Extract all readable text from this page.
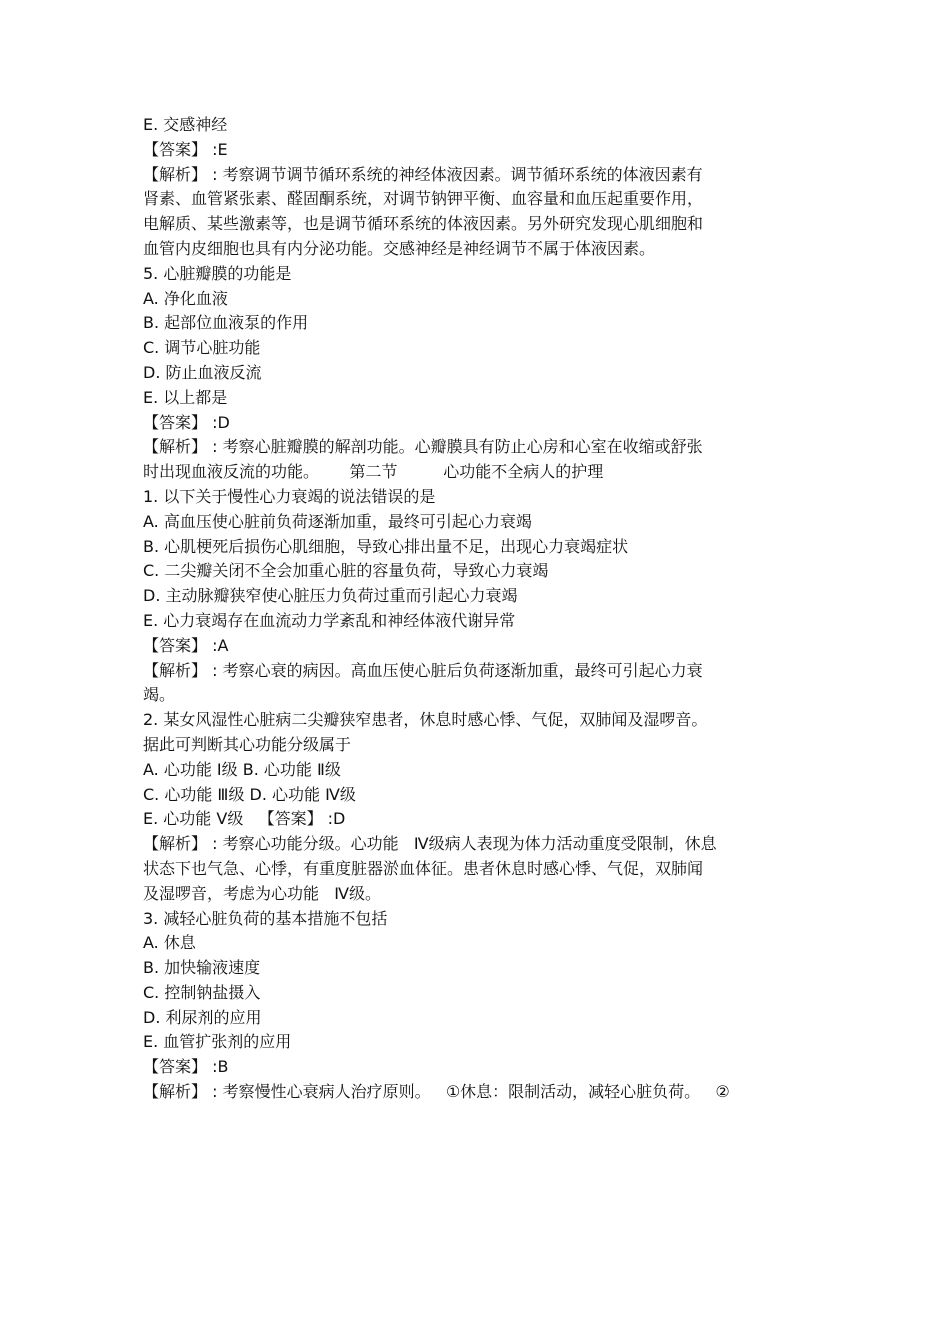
E. 交感神经
【答案】 :E
【解析】 : 考察调节调节循环系统的神经体液因素。调节循环系统的体液因素有
肾素、血管紧张素、醛固酮系统，对调节钠钾平衡、血容量和血压起重要作用，
电解质、某些激素等，也是调节循环系统的体液因素。另外研究发现心肌细胞和
血管内皮细胞也具有内分泌功能。交感神经是神经调节不属于体液因素。
5. 心脏瓣膜的功能是
A. 净化血液
B. 起部位血液泵的作用
C. 调节心脏功能
D. 防止血液反流
E. 以上都是
【答案】 :D
【解析】 : 考察心脏瓣膜的解剖功能。心瓣膜具有防止心房和心室在收缩或舒张
时出现血液反流的功能。      第二节         心功能不全病人的护理
1. 以下关于慢性心力衰竭的说法错误的是
A. 高血压使心脏前负荷逐渐加重，最终可引起心力衰竭
B. 心肌梗死后损伤心肌细胞，导致心排出量不足，出现心力衰竭症状
C. 二尖瓣关闭不全会加重心脏的容量负荷，导致心力衰竭
D. 主动脉瓣狭窄使心脏压力负荷过重而引起心力衰竭
E. 心力衰竭存在血流动力学紊乱和神经体液代谢异常
【答案】 :A
【解析】 : 考察心衰的病因。高血压使心脏后负荷逐渐加重，最终可引起心力衰
竭。
2. 某女风湿性心脏病二尖瓣狭窄患者，休息时感心悸、气促，双肺闻及湿啰音。
据此可判断其心功能分级属于
A. 心功能 Ⅰ级 B. 心功能 Ⅱ级
C. 心功能 Ⅲ级 D. 心功能 Ⅳ级
E. 心功能 Ⅴ级   【答案】 :D
【解析】 : 考察心功能分级。心功能   Ⅳ级病人表现为体力活动重度受限制，休息
状态下也气急、心悸，有重度脏器淤血体征。患者休息时感心悸、气促，双肺闻
及湿啰音，考虑为心功能   Ⅳ级。
3. 减轻心脏负荷的基本措施不包括
A. 休息
B. 加快输液速度
C. 控制钠盐摄入
D. 利尿剂的应用
E. 血管扩张剂的应用
【答案】 :B
【解析】 : 考察慢性心衰病人治疗原则。   ①休息：限制活动，减轻心脏负荷。   ②
